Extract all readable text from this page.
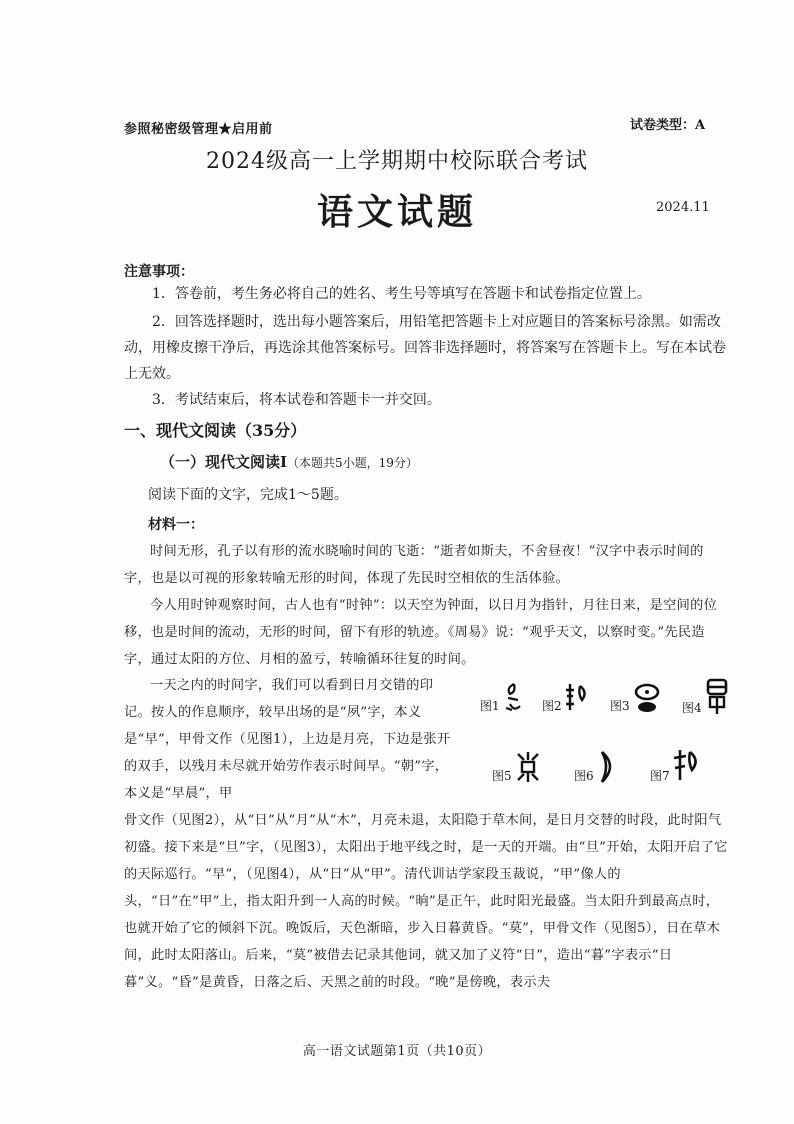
参照秘密级管理★启用前	试卷类型：A
2024级高一上学期期中校际联合考试
语文试题	2024.11
注意事项：
1．答卷前，考生务必将自己的姓名、考生号等填写在答题卡和试卷指定位置上。
2．回答选择题时，选出每小题答案后，用铅笔把答题卡上对应题目的答案标号涂黑。如需改动，用橡皮擦干净后，再选涂其他答案标号。回答非选择题时，将答案写在答题卡上。写在本试卷上无效。
3．考试结束后，将本试卷和答题卡一并交回。
一、现代文阅读（35分）
（一）现代文阅读Ⅰ（本题共5小题，19分）
阅读下面的文字，完成1～5题。
材料一：
时间无形，孔子以有形的流水晓喻时间的飞逝：“逝者如斯夫，不舍昼夜！”汉字中表示时间的字，也是以可视的形象转喻无形的时间，体现了先民时空相依的生活体验。
今人用时钟观察时间，古人也有“时钟”：以天空为钟面，以日月为指针，月往日来，是空间的位移，也是时间的流动，无形的时间，留下有形的轨迹。《周易》说：“观乎天文，以察时变。”先民造字，通过太阳的方位、月相的盈亏，转喻循环往复的时间。
一天之内的时间字，我们可以看到日月交错的印记。按人的作息顺序，较早出场的是“夙”字，本义是“早”，甲骨文作（见图1），上边是月亮，下边是张开的双手，以残月未尽就开始劳作表示时间早。“朝”字，本义是“早晨”，甲
图1	图2	图3	图4
图5	图6	图7
骨文作（见图2），从“日”从“月”从“木”，月亮未退，太阳隐于草木间，是日月交替的时段，此时阳气初盛。接下来是“旦”字，（见图3），太阳出于地平线之时，是一天的开端。由“旦”开始，太阳开启了它的天际巡行。“早”，（见图4），从“日”从“甲”。清代训诂学家段玉裁说，“甲”像人的头，“日”在“甲”上，指太阳升到一人高的时候。“晌”是正午，此时阳光最盛。当太阳升到最高点时，也就开始了它的倾斜下沉。晚饭后，天色渐暗，步入日暮黄昏。“莫”，甲骨文作（见图5），日在草木间，此时太阳落山。后来，“莫”被借去记录其他词，就又加了义符“日”，造出“暮”字表示“日暮”义。“昏”是黄昏，日落之后、天黑之前的时段。“晚”是傍晚，表示夫
高一语文试题第1页（共10页）
